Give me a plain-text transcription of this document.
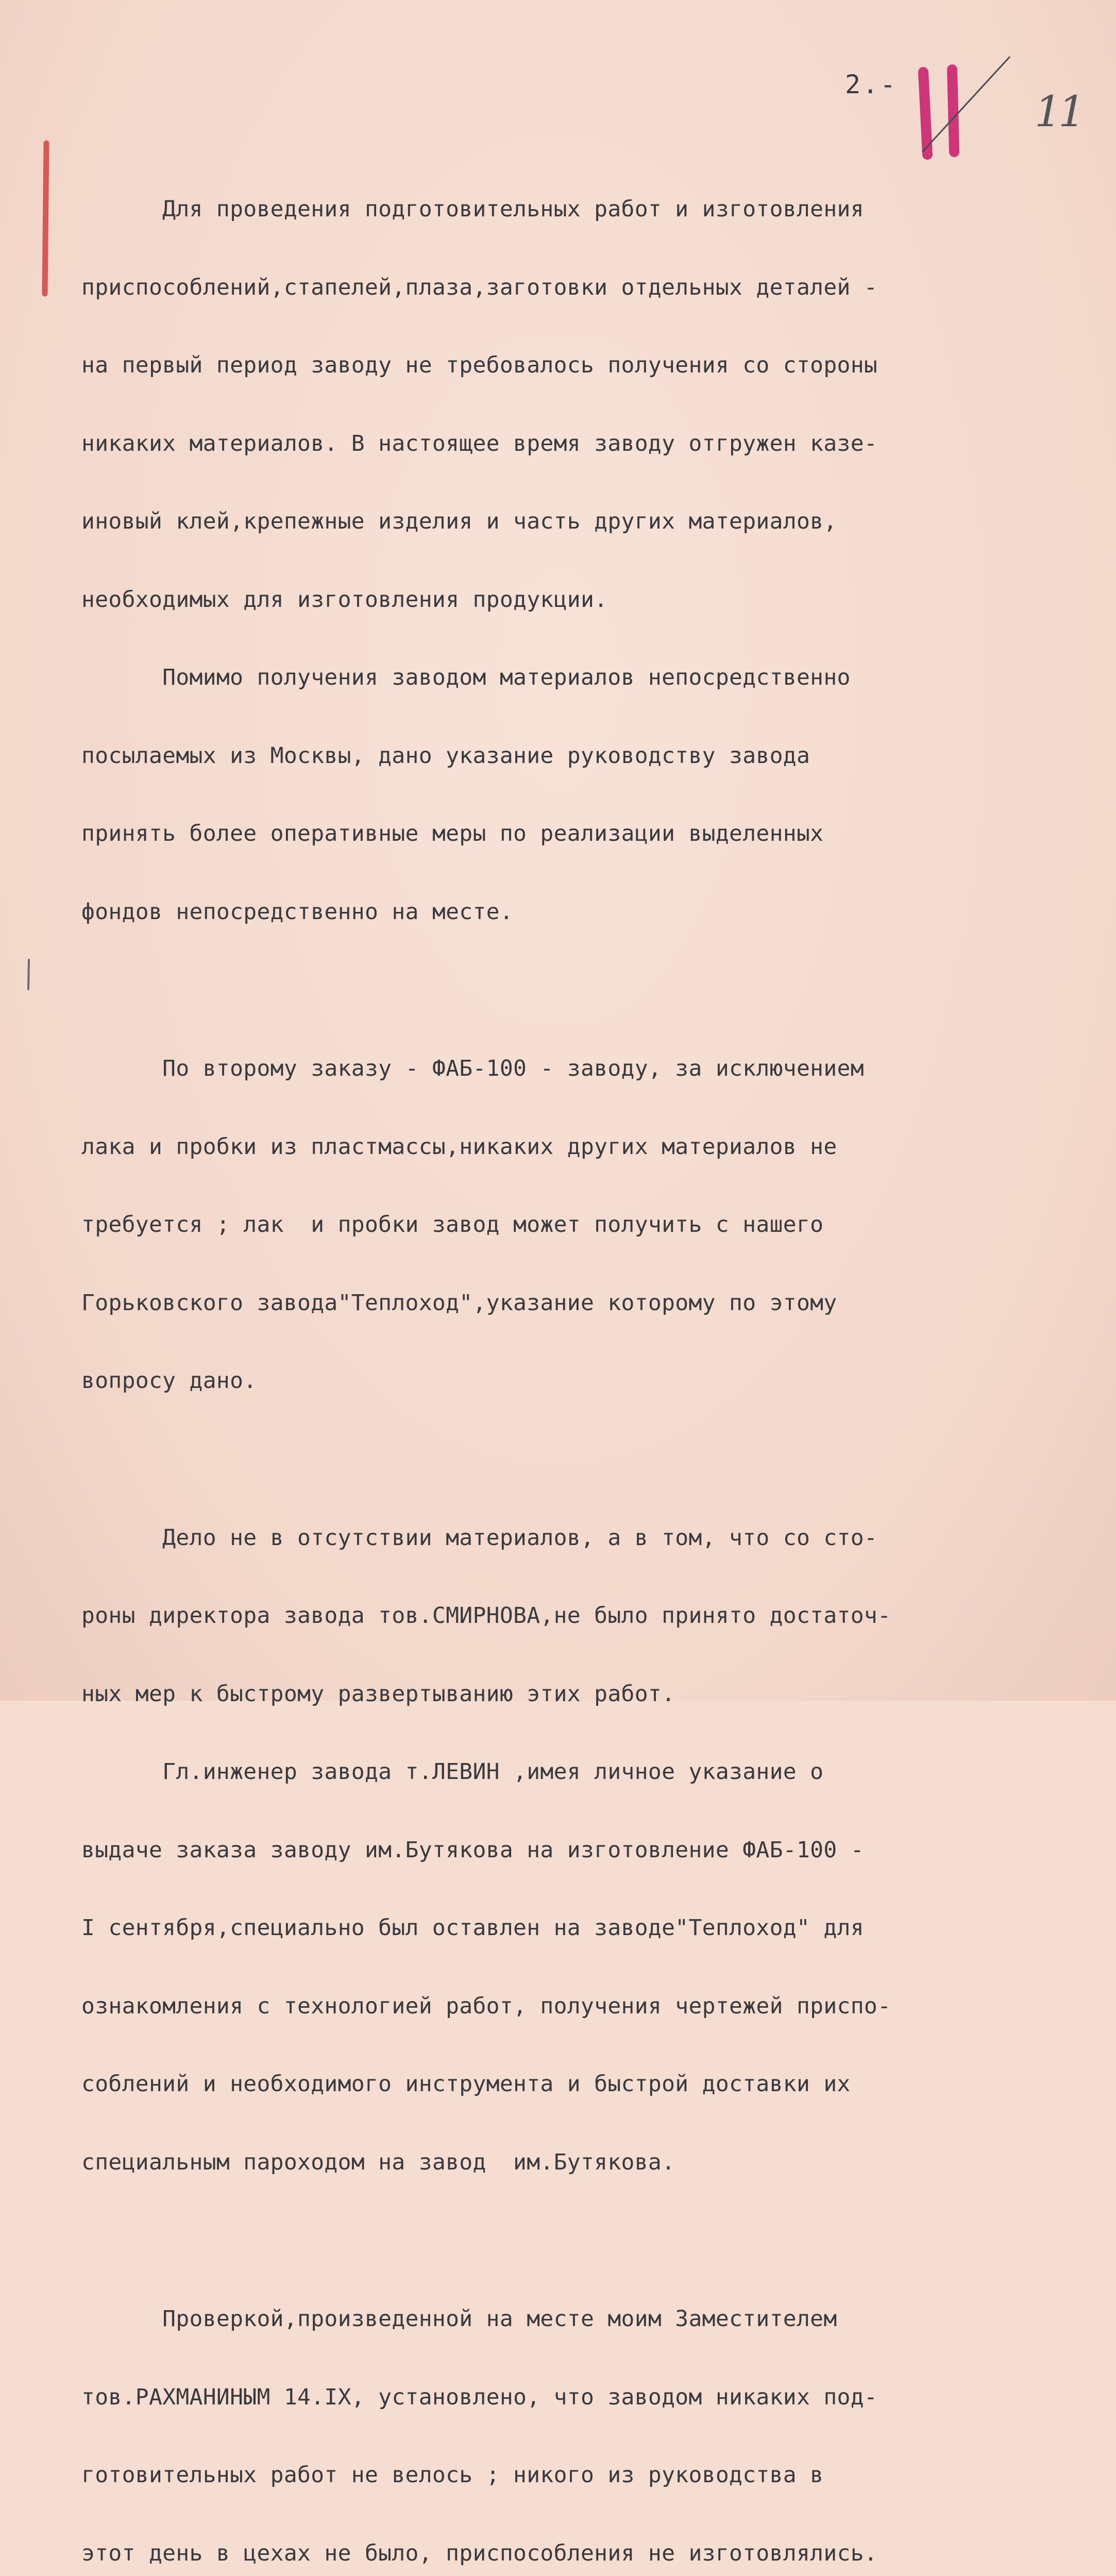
2.-
11

Для проведения подготовительных работ и изготовления

приспособлений,стапелей,плаза,заготовки отдельных деталей -

на первый период заводу не требовалось получения со стороны

никаких материалов. В настоящее время заводу отгружен казе-

иновый клей,крепежные изделия и часть других материалов,

необходимых для изготовления продукции.

Помимо получения заводом материалов непосредственно

посылаемых из Москвы, дано указание руководству завода

принять более оперативные меры по реализации выделенных

фондов непосредственно на месте.

По второму заказу - ФАБ-100 - заводу, за исключением

лака и пробки из пластмассы,никаких других материалов не

требуется ; лак  и пробки завод может получить с нашего

Горьковского завода"Теплоход",указание которому по этому

вопросу дано.

Дело не в отсутствии материалов, а в том, что со сто-

роны директора завода тов.СМИРНОВА,не было принято достаточ-

ных мер к быстрому развертыванию этих работ.

Гл.инженер завода т.ЛЕВИН ,имея личное указание о

выдаче заказа заводу им.Бутякова на изготовление ФАБ-100 -

I сентября,специально был оставлен на заводе"Теплоход" для

ознакомления с технологией работ, получения чертежей приспо-

соблений и необходимого инструмента и быстрой доставки их

специальным пароходом на завод  им.Бутякова.

Проверкой,произведенной на месте моим Заместителем

тов.РАХМАНИНЫМ 14.IX, установлено, что заводом никаких под-

готовительных работ не велось ; никого из руководства в

этот день в цехах не было, приспособления не изготовлялись.
